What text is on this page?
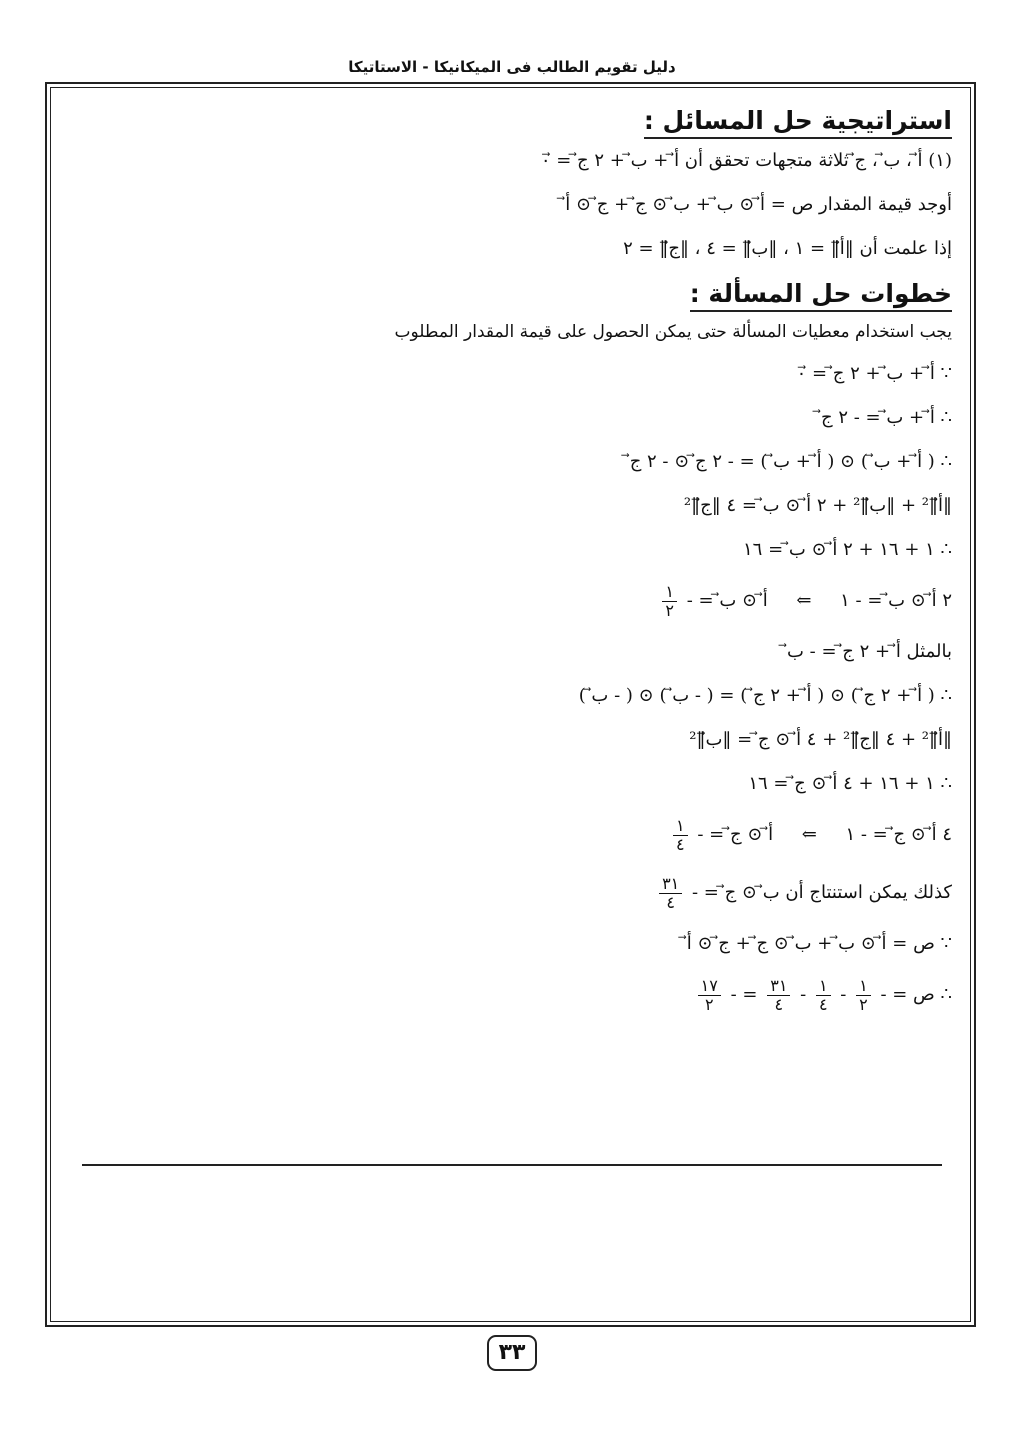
دليل تقويم الطالب فى الميكانيكا - الاستاتيكا
استراتيجية حل المسائل :
(١) أ⃗ ، ب⃗ ، ج⃗ ثلاثة متجهات تحقق أن أ⃗ + ب⃗ + ٢ ج⃗ = ٠⃗
أوجد قيمة المقدار ص = أ⃗ ⊙ ب⃗ + ب⃗ ⊙ ج⃗ + ج⃗ ⊙ أ⃗
إذا علمت أن ‖أ⃗‖ = ١ ، ‖ب⃗‖ = ٤ ، ‖ج⃗‖ = ٢
خطوات حل المسألة :
يجب استخدام معطيات المسألة حتى يمكن الحصول على قيمة المقدار المطلوب
∵ أ⃗ + ب⃗ + ٢ ج⃗ = ٠⃗
∴ أ⃗ + ب⃗ = - ٢ ج⃗
∴ ( أ⃗ + ب⃗ ) ⊙ ( أ⃗ + ب⃗ ) = - ٢ ج⃗ ⊙ - ٢ ج⃗
‖أ⃗‖² + ‖ب⃗‖² + ٢ أ⃗ ⊙ ب⃗ = ٤ ‖ج⃗‖²
∴ ١ + ١٦ + ٢ أ⃗ ⊙ ب⃗ = ١٦
٢ أ⃗ ⊙ ب⃗ = - ١     ⇐     أ⃗ ⊙ ب⃗ = -
$\frac{١}{٢}$
بالمثل أ⃗ + ٢ ج⃗ = - ب⃗
∴ ( أ⃗ + ٢ ج⃗ ) ⊙ ( أ⃗ + ٢ ج⃗ ) = ( - ب⃗ ) ⊙ ( - ب⃗ )
‖أ⃗‖² + ٤ ‖ج⃗‖² + ٤ أ⃗ ⊙ ج⃗ = ‖ب⃗‖²
∴ ١ + ١٦ + ٤ أ⃗ ⊙ ج⃗ = ١٦
٤ أ⃗ ⊙ ج⃗ = - ١     ⇐     أ⃗ ⊙ ج⃗ = -
$\frac{١}{٤}$
كذلك يمكن استنتاج أن ب⃗ ⊙ ج⃗ = -
$\frac{٣١}{٤}$
∵ ص = أ⃗ ⊙ ب⃗ + ب⃗ ⊙ ج⃗ + ج⃗ ⊙ أ⃗
∴ ص = -
$\frac{١}{٢}$
-
$\frac{١}{٤}$
-
$\frac{٣١}{٤}$
= -
$\frac{١٧}{٢}$
٣٣
